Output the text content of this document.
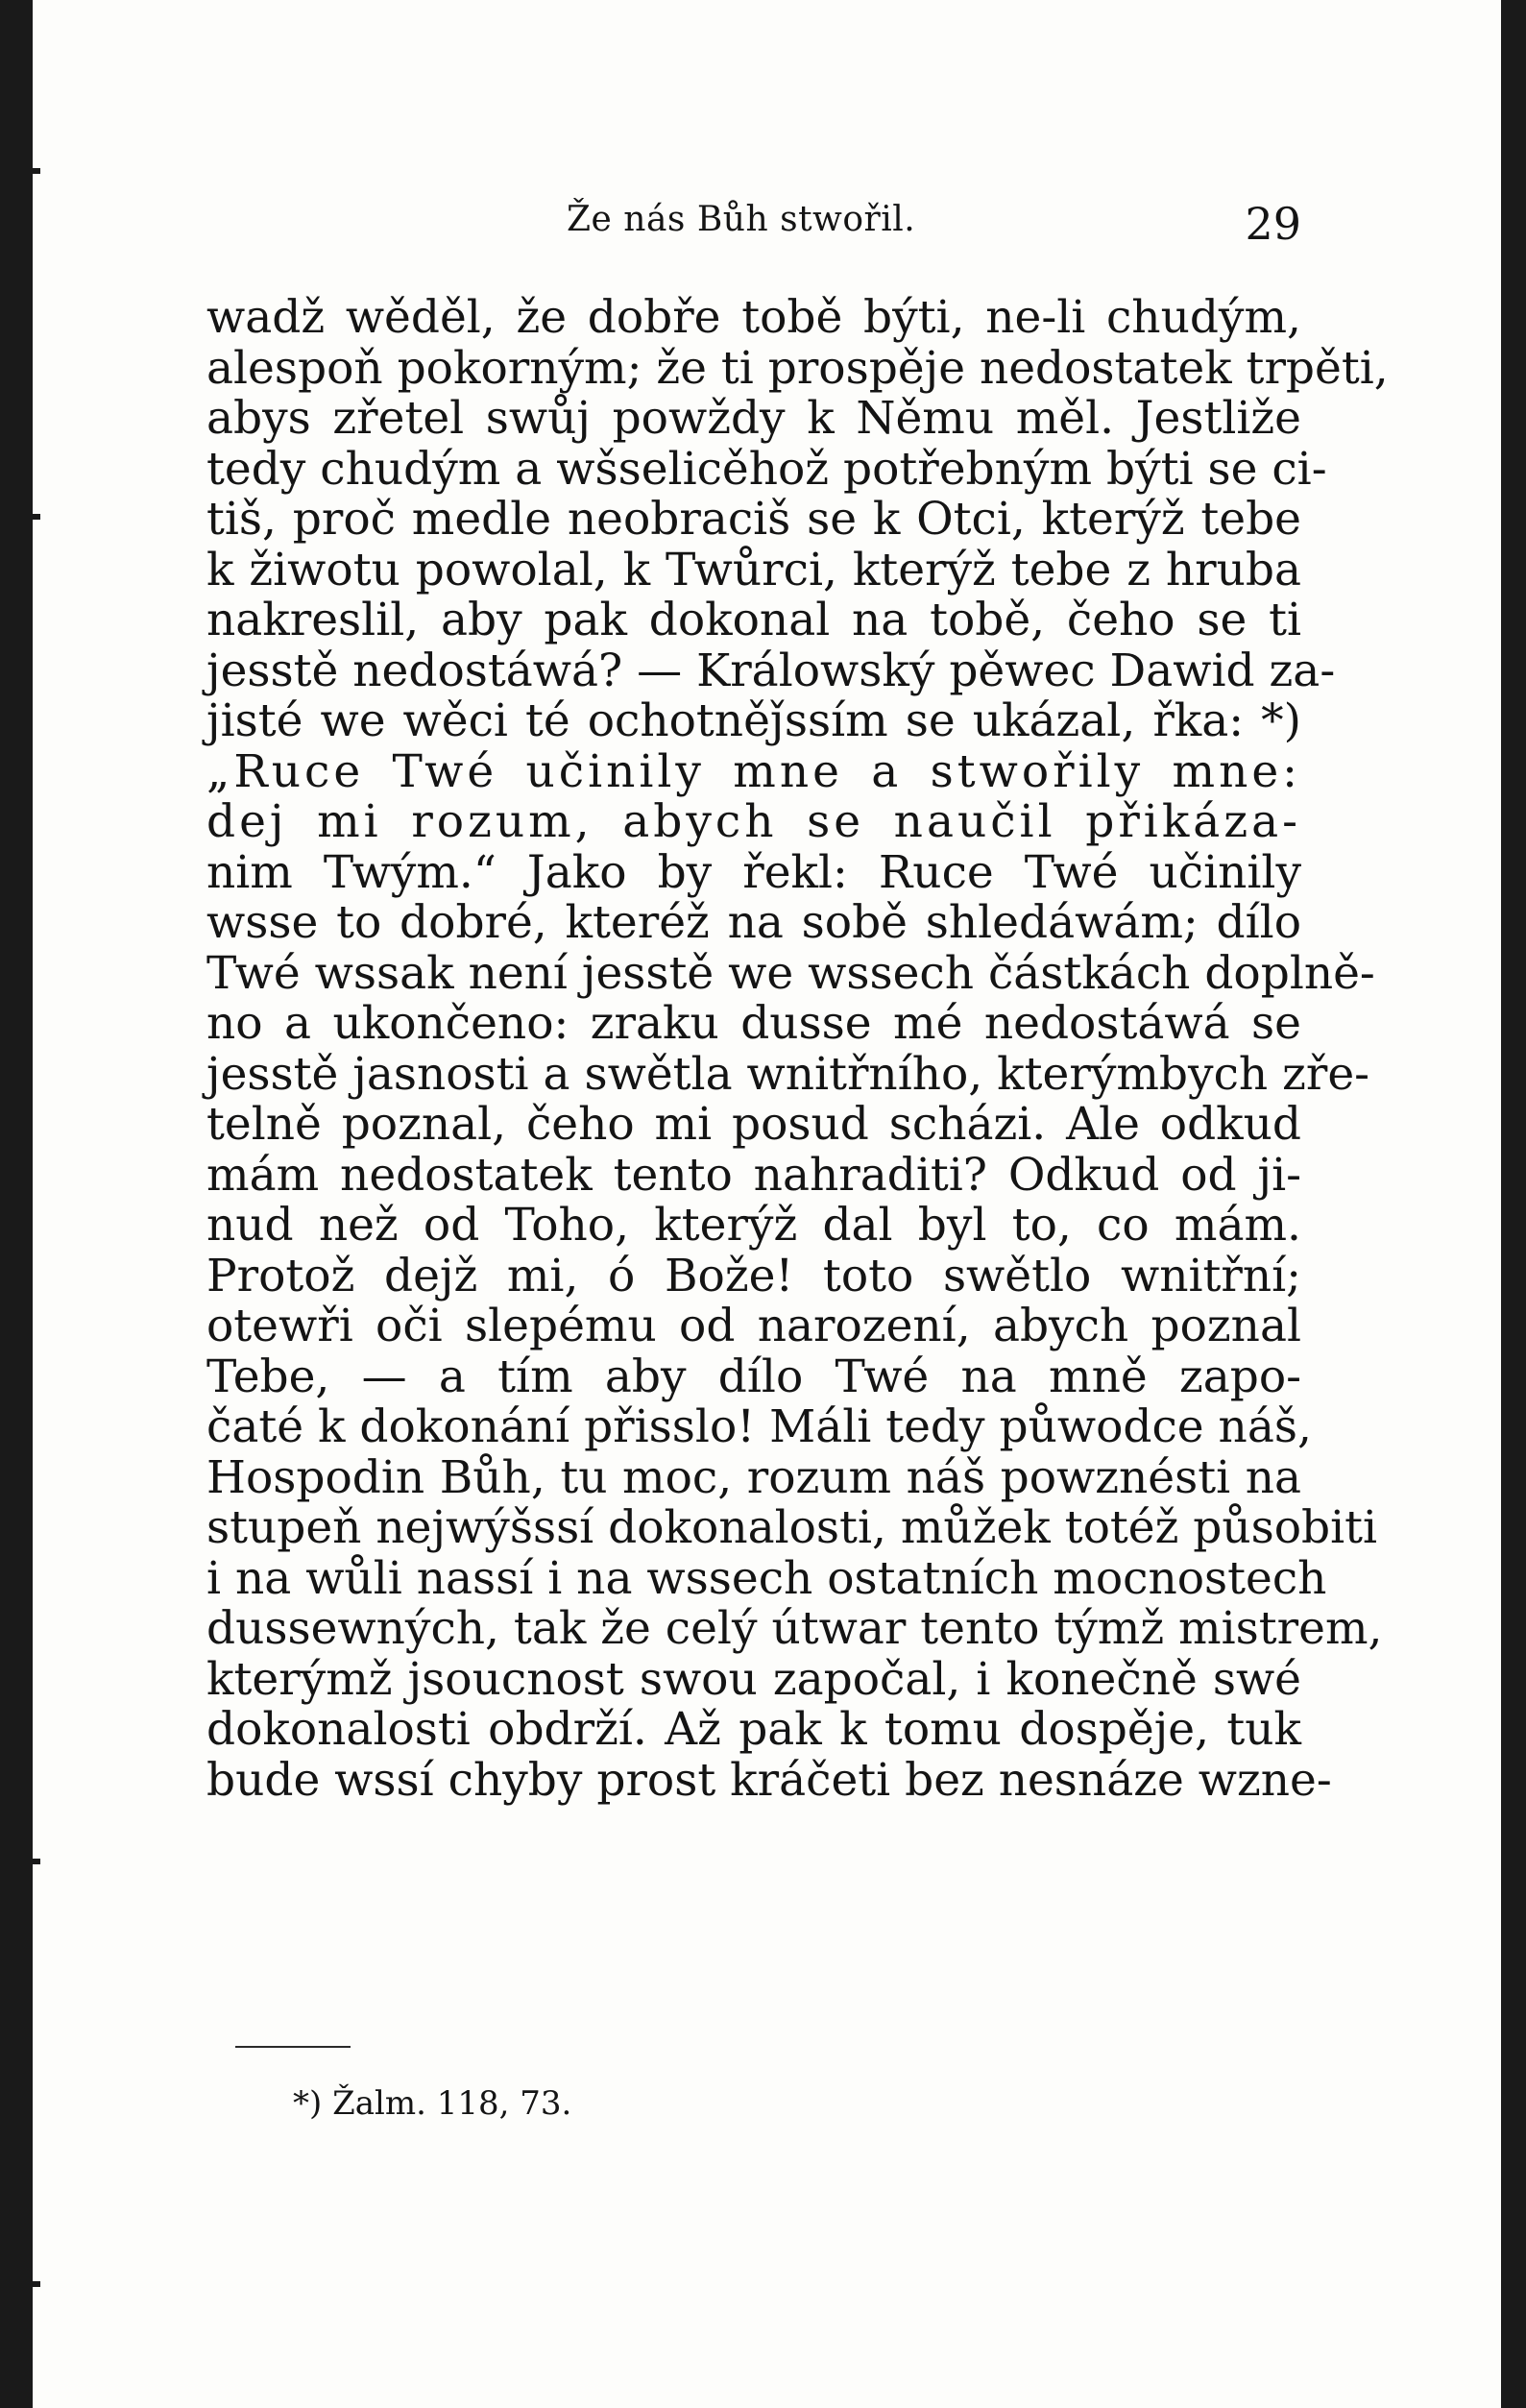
Že nás Bůh stwořil.	29
wadž wěděl, že dobře tobě býti, ne-li chudým,
alespoň pokorným; že ti prospěje nedostatek trpěti,
abys zřetel swůj powždy k Němu měl. Jestliže
tedy chudým a wšselicěhož potřebným býti se ci-
tiš, proč medle neobraciš se k Otci, kterýž tebe
k žiwotu powolal, k Twůrci, kterýž tebe z hruba
nakreslil, aby pak dokonal na tobě, čeho se ti
jesstě nedostáwá? — Králowský pěwec Dawid za-
jisté we wěci té ochotněǰssím se ukázal, řka: *)
„Ruce Twé učinily mne a stwořily mne:
dej mi rozum, abych se naučil přikáza-
nim Twým.“ Jako by řekl: Ruce Twé učinily
wsse to dobré, kteréž na sobě shledáwám; dílo
Twé wssak není jesstě we wssech částkách doplně-
no a ukončeno: zraku dusse mé nedostáwá se
jesstě jasnosti a swětla wnitřního, kterýmbych zře-
telně poznal, čeho mi posud scházi. Ale odkud
mám nedostatek tento nahraditi? Odkud od ji-
nud než od Toho, kterýž dal byl to, co mám.
Protož dejž mi, ó Bože! toto swětlo wnitřní;
otewři oči slepému od narození, abych poznal
Tebe, — a tím aby dílo Twé na mně zapo-
čaté k dokonání přisslo! Máli tedy půwodce náš,
Hospodin Bůh, tu moc, rozum náš powznésti na
stupeň nejwýšssí dokonalosti, můžek totéž působiti
i na wůli nassí i na wssech ostatních mocnostech
dussewných, tak že celý útwar tento týmž mistrem,
kterýmž jsoucnost swou započal, i konečně swé
dokonalosti obdrží. Až pak k tomu dospěje, tuk
bude wssí chyby prost kráčeti bez nesnáze wzne-
*) Žalm. 118, 73.
